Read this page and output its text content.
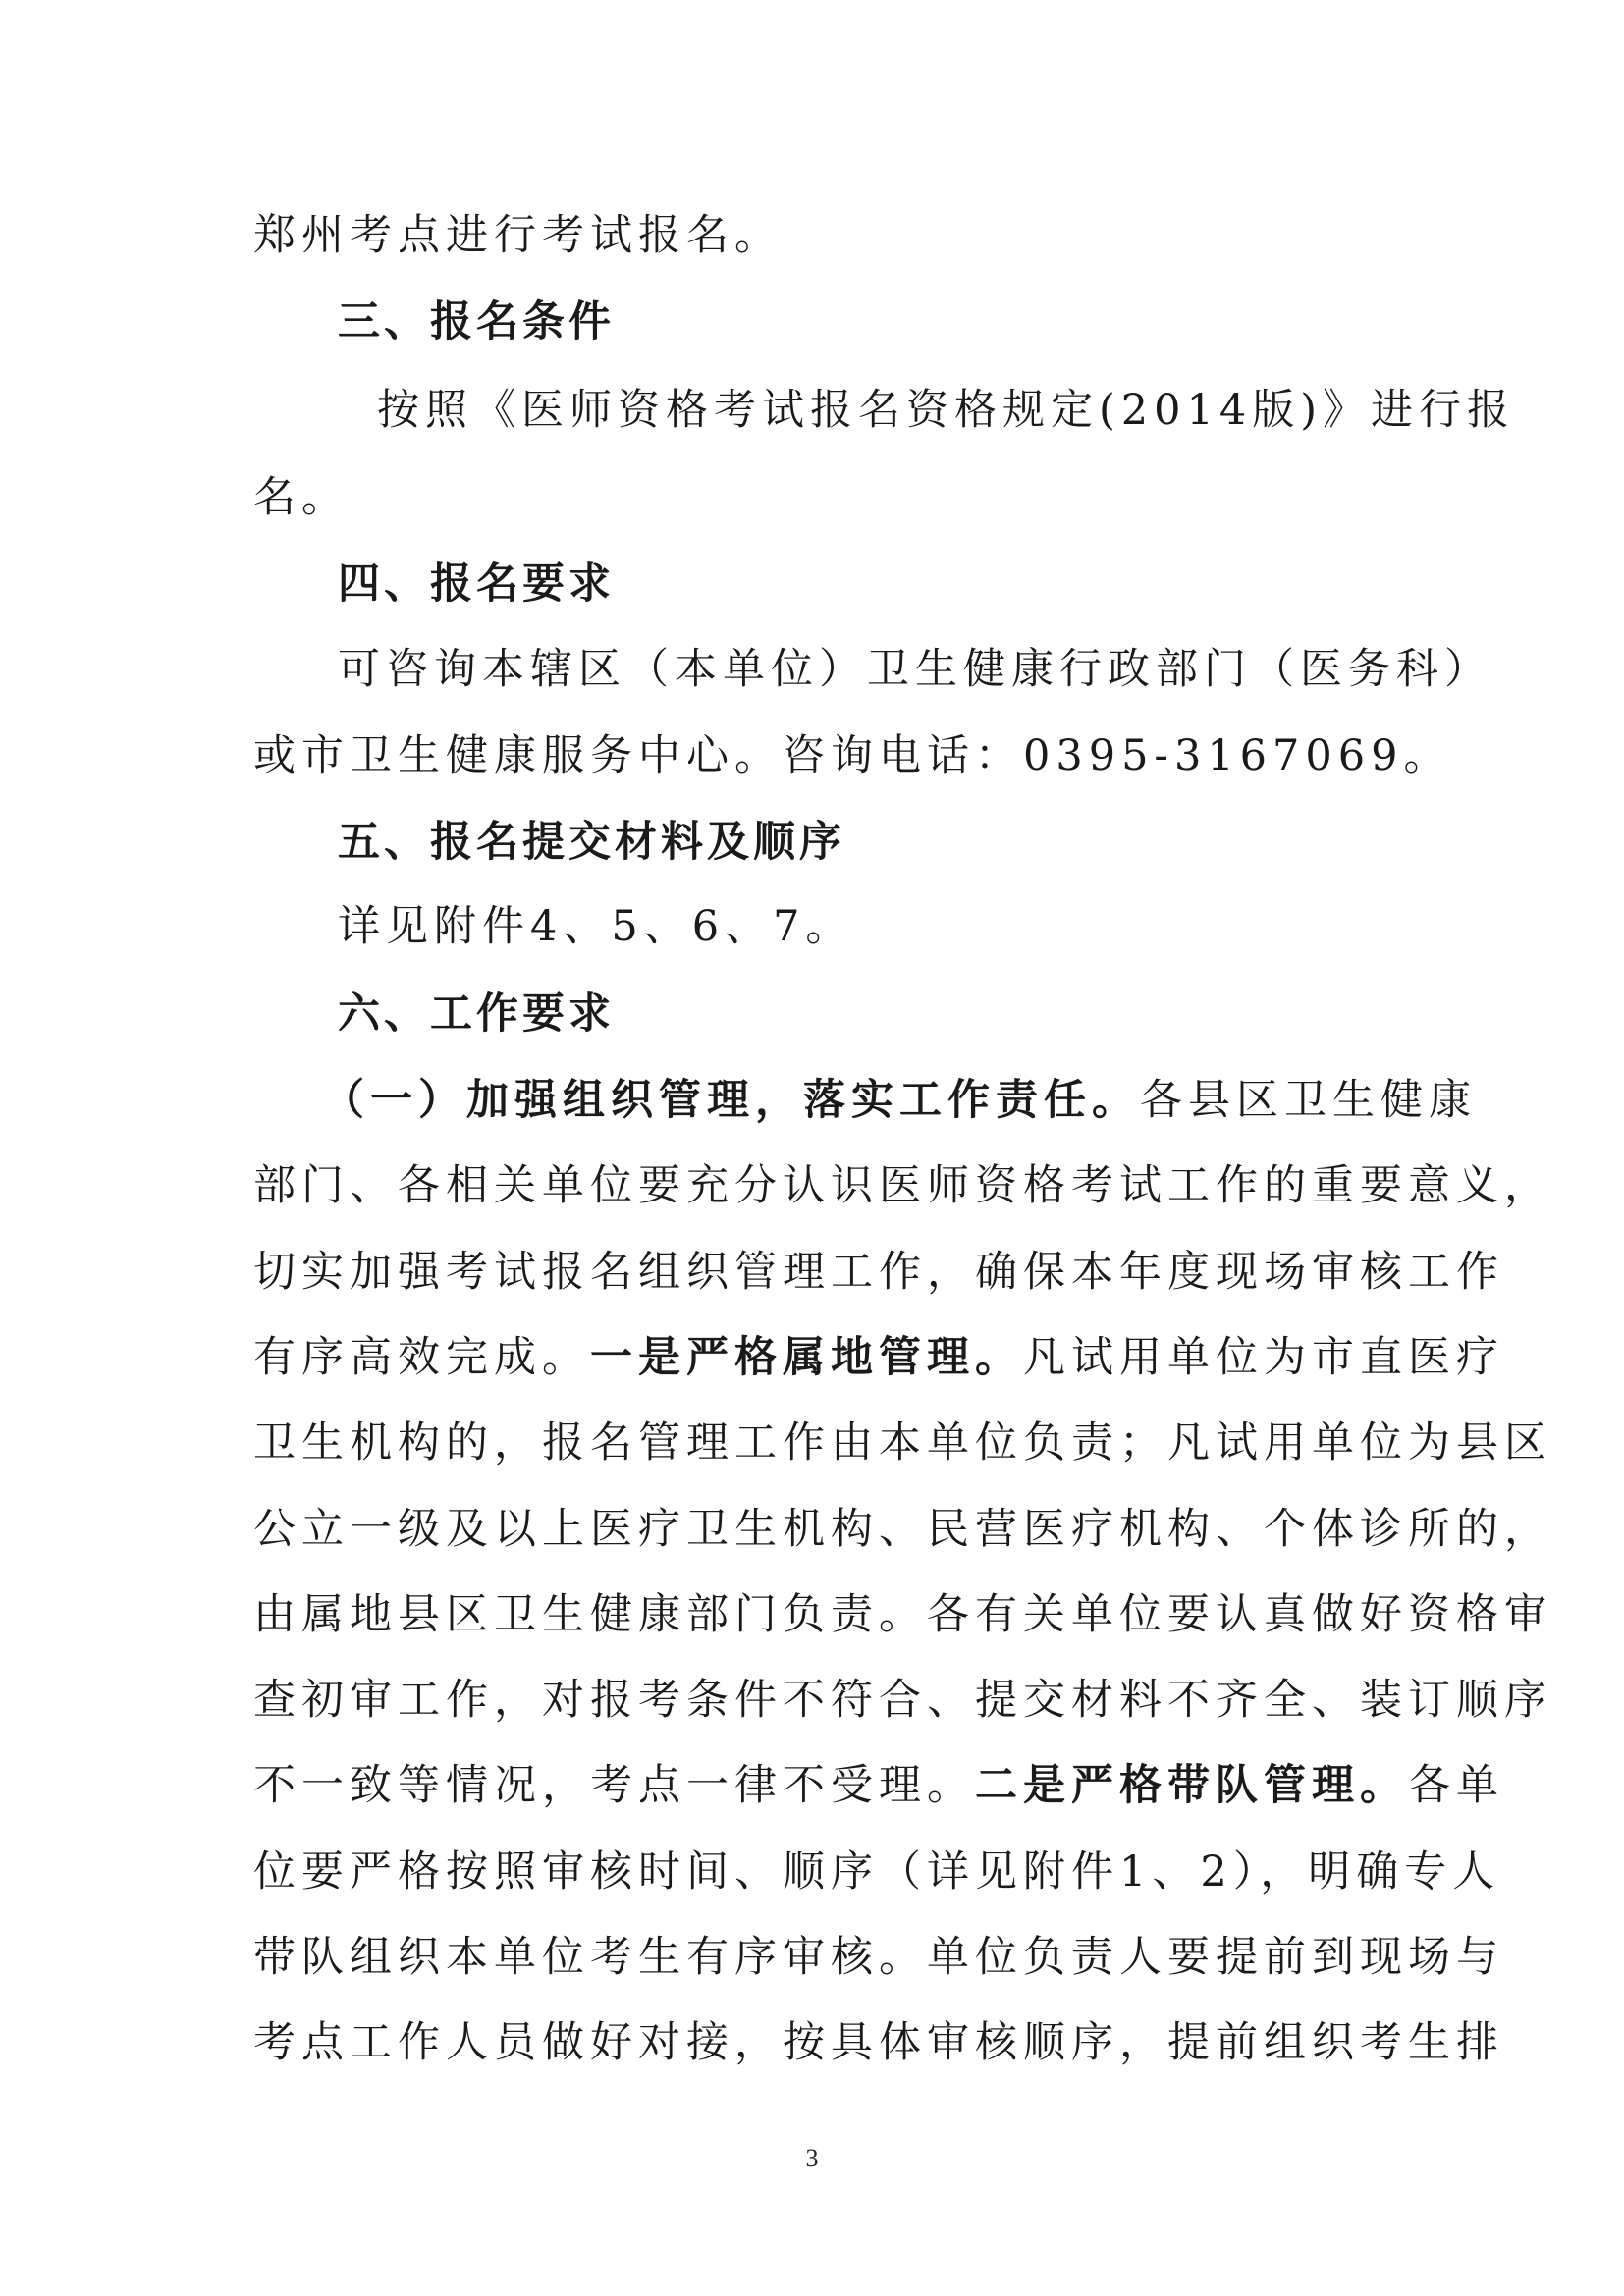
郑州考点进行考试报名。
三、报名条件
按照《医师资格考试报名资格规定(2014版)》进行报
名。
四、报名要求
可咨询本辖区（本单位）卫生健康行政部门（医务科）
或市卫生健康服务中心。咨询电话：0395-3167069。
五、报名提交材料及顺序
详见附件4、5、6、7。
六、工作要求
（一）加强组织管理，落实工作责任。各县区卫生健康
部门、各相关单位要充分认识医师资格考试工作的重要意义，
切实加强考试报名组织管理工作，确保本年度现场审核工作
有序高效完成。一是严格属地管理。凡试用单位为市直医疗
卫生机构的，报名管理工作由本单位负责；凡试用单位为县区
公立一级及以上医疗卫生机构、民营医疗机构、个体诊所的，
由属地县区卫生健康部门负责。各有关单位要认真做好资格审
查初审工作，对报考条件不符合、提交材料不齐全、装订顺序
不一致等情况，考点一律不受理。二是严格带队管理。各单
位要严格按照审核时间、顺序（详见附件1、2），明确专人
带队组织本单位考生有序审核。单位负责人要提前到现场与
考点工作人员做好对接，按具体审核顺序，提前组织考生排
3
